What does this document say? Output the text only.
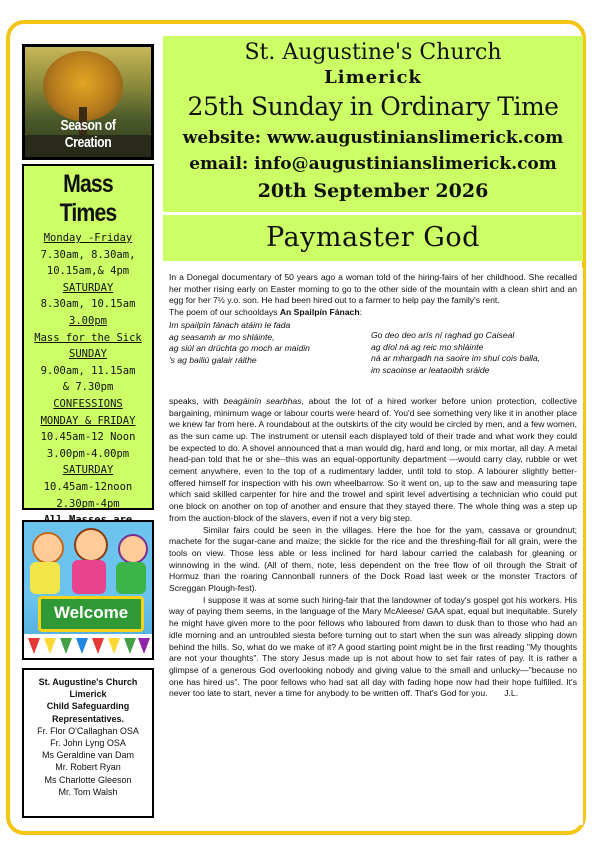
Season of Creation
Mass Times
Monday -Friday
7.30am, 8.30am,
10.15am,& 4pm
SATURDAY
8.30am, 10.15am
3.00pm
Mass for the Sick
SUNDAY
9.00am, 11.15am
& 7.30pm
CONFESSIONS
MONDAY & FRIDAY
10.45am-12 Noon
3.00pm-4.00pm
SATURDAY
10.45am-12noon
2.30pm-4pm
Welcome
St. Augustine's Church
Limerick
Child Safeguarding
Representatives.
Fr. Flor O'Callaghan OSA
Fr. John Lyng OSA
Ms Geraldine van Dam
Mr. Robert Ryan
Ms Charlotte Gleeson
Mr. Tom Walsh
St. Augustine's Church
Limerick
25th Sunday in Ordinary Time
website: www.augustinianslimerick.com
email: info@augustinianslimerick.com
20th September 2026
Paymaster God

In a Donegal documentary of 50 years ago a woman told of the hiring-fairs of her childhood. She recalled her mother rising early on Easter morning to go to the other side of the mountain with a clean shirt and an egg for her 7½ y.o. son. He had been hired out to a farmer to help pay the family's rent.

The poem of our schooldays An Spailpín Fánach:

Im spailpín fánach atáim le fada
ag seasamh ar mo shláinte,
ag siúl an drúchta go moch ar maidin
's ag bailiú galair ráithe
Go deo deo arís ní raghad go Caiseal
ag díol ná ag reic mo shláinte
ná ar mhargadh na saoire im shuí cois balla,
im scaoinse ar leataoibh sráide

speaks, with beagáinín searbhas, about the lot of a hired worker before union protection, collective bargaining, minimum wage or labour courts were heard of. You'd see something very like it in another place we knew far from here. A roundabout at the outskirts of the city would be circled by men, and a few women, as the sun came up. The instrument or utensil each displayed told of their trade and what work they could be expected to do. A shovel announced that a man would dig, hard and long, or mix mortar, all day. A metal head-pan told that he or she--this was an equal-opportunity department ---would carry clay, rubble or wet cement anywhere, even to the top of a rudimentary ladder, until told to stop. A labourer slightly better-offered himself for inspection with his own wheelbarrow. So it went on, up to the saw and measuring tape which said skilled carpenter for hire and the trowel and spirit level advertising a technician who could put one block on another on top of another and ensure that they stayed there. The whole thing was a step up from the auction-block of the slavers, even if not a very big step.

Similar fairs could be seen in the villages. Here the hoe for the yam, cassava or groundnut; machete for the sugar-cane and maize; the sickle for the rice and the threshing-flail for all grain, were the tools on view. Those less able or less inclined for hard labour carried the calabash for gleaning or winnowing in the wind. (All of them, note, less dependent on the free flow of oil through the Strait of Hormuz than the roaring Cannonball runners of the Dock Road last week or the monster Tractors of Screggan Plough-fest).

I suppose it was at some such hiring-fair that the landowner of today's gospel got his workers. His way of paying them seems, in the language of the Mary McAleese/ GAA spat, equal but inequitable. Surely he might have given more to the poor fellows who laboured from dawn to dusk than to those who had an idle morning and an untroubled siesta before turning out to start when the sun was already slipping down behind the hills. So, what do we make of it? A good starting point might be in the first reading "My thoughts are not your thoughts". The story Jesus made up is not about how to set fair rates of pay. It is rather a glimpse of a generous God overlooking nobody and giving value to the small and unlucky—"because no one has hired us". The poor fellows who had sat all day with fading hope now had their hope fulfilled. It's never too late to start, never a time for anybody to be written off. That's God for you. J.L.
